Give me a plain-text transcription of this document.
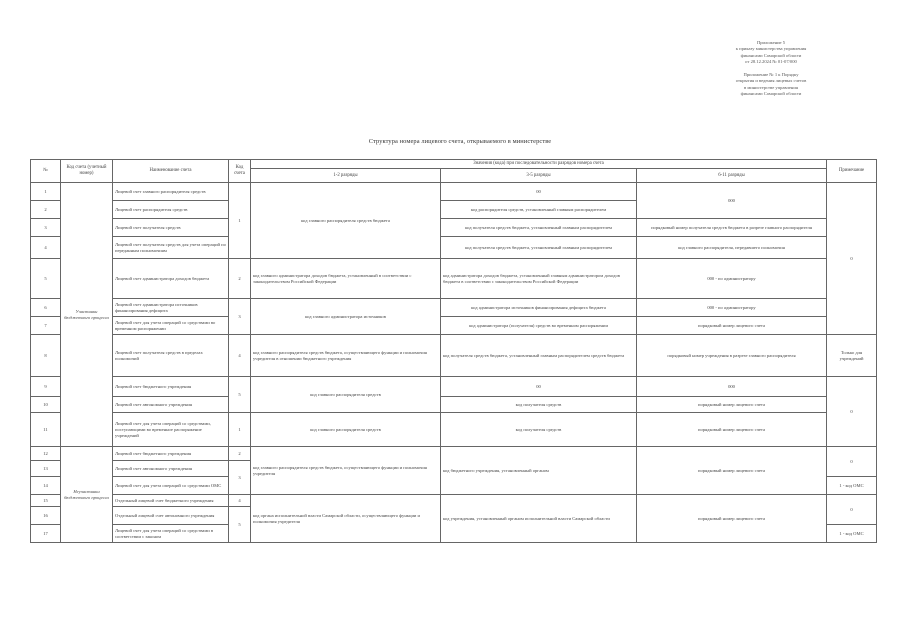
Приложение 5
к приказу министерства управления
финансами Самарской области
от 28.12.2024 № 01-07/000
Приложение № 1 к Порядку
открытия и ведения лицевых счетов
в министерстве управления
финансами Самарской области
Структура номера лицевого счета, открываемого в министерстве
№	Код счета (учетный номер)	Наименование счета	Код счета	Значения (кода) при последовательности разрядов номера счета			Примечание
				1-2 разряды	3-5 разряды	6-11 разряды	
1	Участники бюджетного процесса	Лицевой счет главного распорядителя средств	1	код главного распорядителя средств бюджета	00	000	0
2		Лицевой счет распорядителя средств			код распорядителя средств, установленный главным распорядителем		
3		Лицевой счет получателя средств			код получателя средств бюджета, установленный главным распорядителем	порядковый номер получателя средств бюджета в разрезе главного распорядителя	
4		Лицевой счет получателя средств для учета операций по переданным полномочиям			код получателя средств бюджета, установленный главным распорядителем	код главного распорядителя, передавшего полномочия	
5		Лицевой счет администратора доходов бюджета	2	код главного администратора доходов бюджета, установленный в соответствии с законодательством Российской Федерации	код администратора доходов бюджета, установленный главным администратором доходов бюджета в соответствии с законодательством Российской Федерации	000 - по администратору	
6		Лицевой счет администратора источников финансирования дефицита	3	код главного администратора источников	код администратора источников финансирования дефицита бюджета	000 - по администратору	
7		Лицевой счет для учета операций со средствами во временном распоряжении			код администратора (получателя) средств во временном распоряжении	порядковый номер лицевого счета	
8		Лицевой счет получателя средств в пределах полномочий	4	код главного распорядителя средств бюджета, осуществляющего функции и полномочия учредителя в отношении бюджетного учреждения	код получателя средств бюджета, установленный главным распорядителем средств бюджета	порядковый номер учреждения в разрезе главного распорядителя	Только для учреждений
9		Лицевой счет бюджетного учреждения	5	код главного распорядителя средств	00	000	0
10		Лицевой счет автономного учреждения			код получателя средств	порядковый номер лицевого счета	
11		Лицевой счет для учета операций со средствами, поступающими во временное распоряжение учреждений	1	код главного распорядителя средств	код получателя средств	порядковый номер лицевого счета	
12	Неучастники бюджетного процесса	Лицевой счет бюджетного учреждения	2	код главного распорядителя средств бюджета, осуществляющего функции и полномочия учредителя	код бюджетного учреждения, установленный органом	порядковый номер лицевого счета	0
13		Лицевой счет автономного учреждения	3				
14		Лицевой счет для учета операций со средствами ОМС					1 - код ОМС
15		Отдельный лицевой счет бюджетного учреждения	4	код органа исполнительной власти Самарской области, осуществляющего функции и полномочия учредителя	код учреждения, установленный органом исполнительной власти Самарской области	порядковый номер лицевого счета	0
16		Отдельный лицевой счет автономного учреждения	5				
17		Лицевой счет для учета операций со средствами в соответствии с законом					1 - код ОМС
